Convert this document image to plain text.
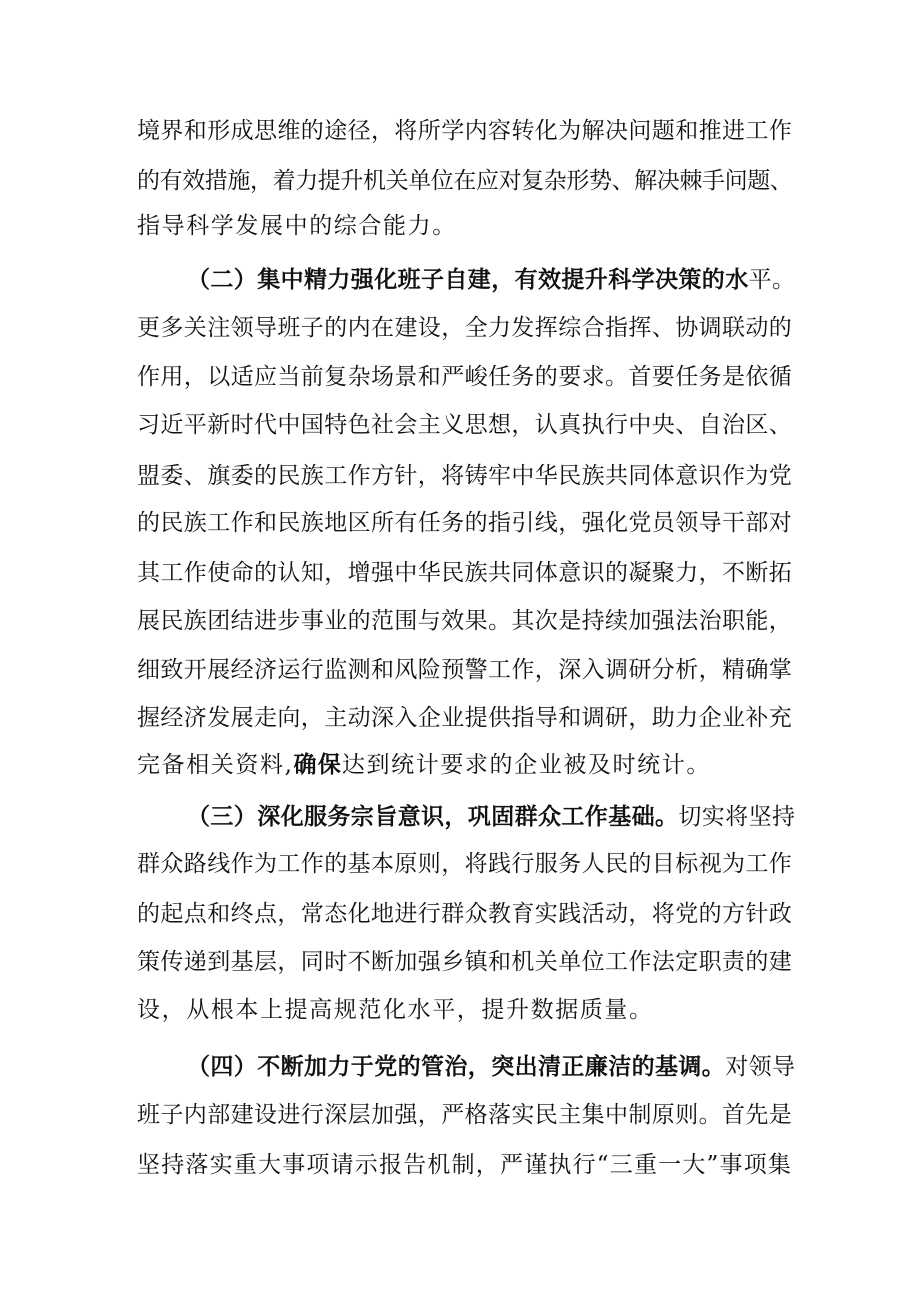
境界和形成思维的途径，将所学内容转化为解决问题和推进工作
的有效措施，着力提升机关单位在应对复杂形势、解决棘手问题、
指导科学发展中的综合能力。
（二）集中精力强化班子自建，有效提升科学决策的水平。
更多关注领导班子的内在建设，全力发挥综合指挥、协调联动的
作用，以适应当前复杂场景和严峻任务的要求。首要任务是依循
习近平新时代中国特色社会主义思想，认真执行中央、自治区、
盟委、旗委的民族工作方针，将铸牢中华民族共同体意识作为党
的民族工作和民族地区所有任务的指引线，强化党员领导干部对
其工作使命的认知，增强中华民族共同体意识的凝聚力，不断拓
展民族团结进步事业的范围与效果。其次是持续加强法治职能，
细致开展经济运行监测和风险预警工作，深入调研分析，精确掌
握经济发展走向，主动深入企业提供指导和调研，助力企业补充
完备相关资料,确保达到统计要求的企业被及时统计。
（三）深化服务宗旨意识，巩固群众工作基础。切实将坚持
群众路线作为工作的基本原则，将践行服务人民的目标视为工作
的起点和终点，常态化地进行群众教育实践活动，将党的方针政
策传递到基层，同时不断加强乡镇和机关单位工作法定职责的建
设，从根本上提高规范化水平，提升数据质量。
（四）不断加力于党的管治，突出清正廉洁的基调。对领导
班子内部建设进行深层加强，严格落实民主集中制原则。首先是
坚持落实重大事项请示报告机制，严谨执行“三重一大”事项集
